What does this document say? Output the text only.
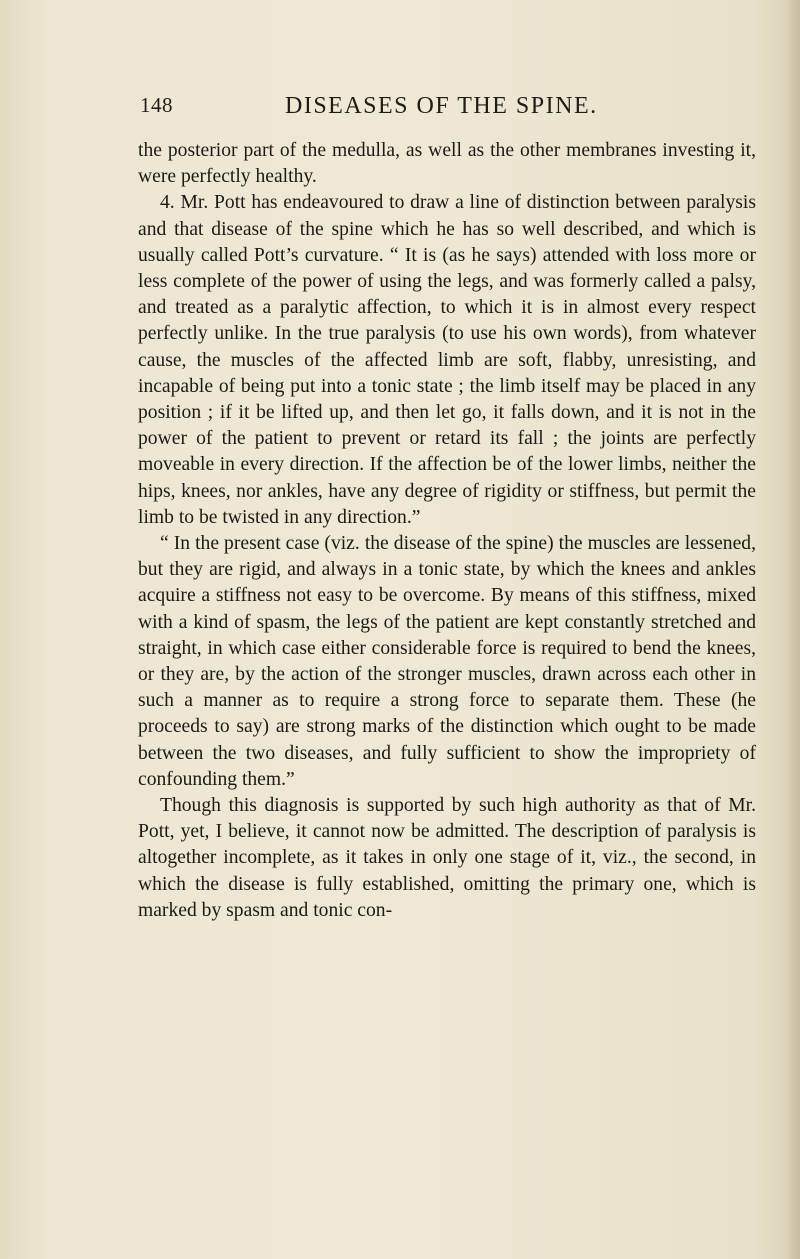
148	DISEASES OF THE SPINE.

the posterior part of the medulla, as well as the other membranes investing it, were perfectly healthy.

4. Mr. Pott has endeavoured to draw a line of distinction between paralysis and that disease of the spine which he has so well described, and which is usually called Pott’s curvature. “ It is (as he says) attended with loss more or less complete of the power of using the legs, and was formerly called a palsy, and treated as a paralytic affection, to which it is in almost every respect perfectly unlike. In the true paralysis (to use his own words), from whatever cause, the muscles of the affected limb are soft, flabby, unresisting, and incapable of being put into a tonic state ; the limb itself may be placed in any position ; if it be lifted up, and then let go, it falls down, and it is not in the power of the patient to prevent or retard its fall ; the joints are perfectly moveable in every direction. If the affection be of the lower limbs, neither the hips, knees, nor ankles, have any degree of rigidity or stiffness, but permit the limb to be twisted in any direction.”

“ In the present case (viz. the disease of the spine) the muscles are lessened, but they are rigid, and always in a tonic state, by which the knees and ankles acquire a stiffness not easy to be overcome. By means of this stiffness, mixed with a kind of spasm, the legs of the patient are kept constantly stretched and straight, in which case either considerable force is required to bend the knees, or they are, by the action of the stronger muscles, drawn across each other in such a manner as to require a strong force to separate them. These (he proceeds to say) are strong marks of the distinction which ought to be made between the two diseases, and fully sufficient to show the impropriety of confounding them.”

Though this diagnosis is supported by such high authority as that of Mr. Pott, yet, I believe, it cannot now be admitted. The description of paralysis is altogether incomplete, as it takes in only one stage of it, viz., the second, in which the disease is fully established, omitting the primary one, which is marked by spasm and tonic con-
